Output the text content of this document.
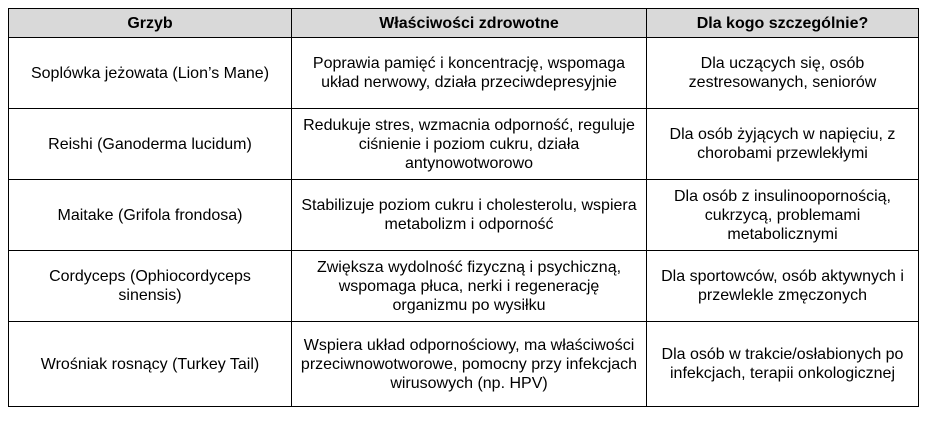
Grzyb	Właściwości zdrowotne	Dla kogo szczególnie?
Soplówka jeżowata (Lion’s Mane)	Poprawia pamięć i koncentrację, wspomaga układ nerwowy, działa przeciwdepresyjnie	Dla uczących się, osób zestresowanych, seniorów
Reishi (Ganoderma lucidum)	Redukuje stres, wzmacnia odporność, reguluje ciśnienie i poziom cukru, działa antynowotworowo	Dla osób żyjących w napięciu, z chorobami przewlekłymi
Maitake (Grifola frondosa)	Stabilizuje poziom cukru i cholesterolu, wspiera metabolizm i odporność	Dla osób z insulinoopornością, cukrzycą, problemami metabolicznymi
Cordyceps (Ophiocordyceps sinensis)	Zwiększa wydolność fizyczną i psychiczną, wspomaga płuca, nerki i regenerację organizmu po wysiłku	Dla sportowców, osób aktywnych i przewlekle zmęczonych
Wrośniak rosnący (Turkey Tail)	Wspiera układ odpornościowy, ma właściwości przeciwnowotworowe, pomocny przy infekcjach wirusowych (np. HPV)	Dla osób w trakcie/osłabionych po infekcjach, terapii onkologicznej
